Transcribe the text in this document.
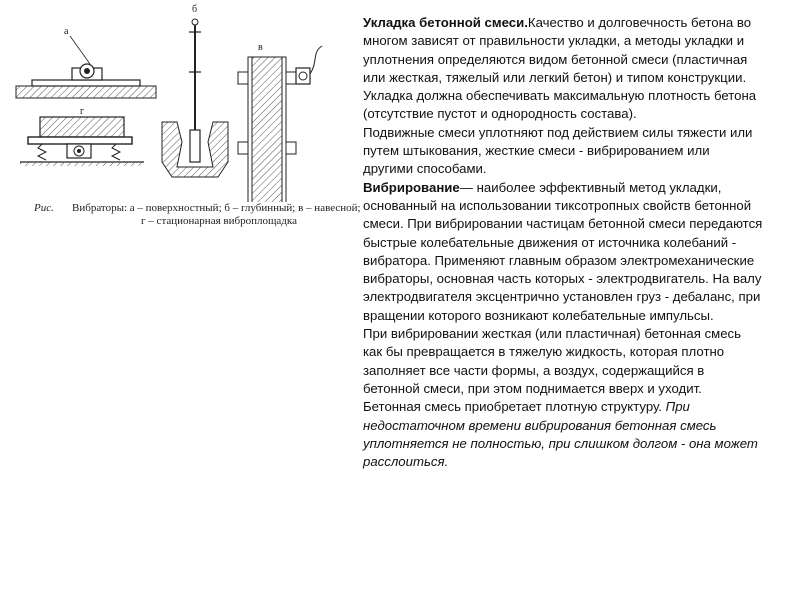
а
г
б
в
Рис. Вибраторы: а – поверхностный; б – глубинный; в – навесной;
г – стационарная виброплощадка

Укладка бетонной смеси.Качество и долговечность бетона во многом зависят от правильности укладки, а методы укладки и уплотнения определяются видом бетонной смеси (пластичная или жесткая, тяжелый или легкий бетон) и типом конструкции. Укладка должна обеспечивать максимальную плотность бетона (отсутствие пустот и однородность состава).

Подвижные смеси уплотняют под действием силы тяжести или путем штыкования, жесткие смеси - вибрированием или другими способами.

Вибрирование— наиболее эффективный метод укладки, основанный на использовании тиксотропных свойств бетонной смеси. При вибрировании частицам бетонной смеси передаются быстрые колебательные движения от источника колебаний - вибратора. Применяют главным образом электромеханические вибраторы, основная часть которых - электродвигатель. На валу электродвигателя эксцентрично установлен груз - дебаланс, при вращении которого возникают колебательные импульсы.

При вибрировании жесткая (или пластичная) бетонная смесь как бы превращается в тяжелую жидкость, которая плотно заполняет все части формы, а воздух, содержащийся в бетонной смеси, при этом поднимается вверх и уходит. Бетонная смесь приобретает плотную структуру. При недостаточном времени вибрирования бетонная смесь уплотняется не полностью, при слишком долгом - она может расслоиться.
